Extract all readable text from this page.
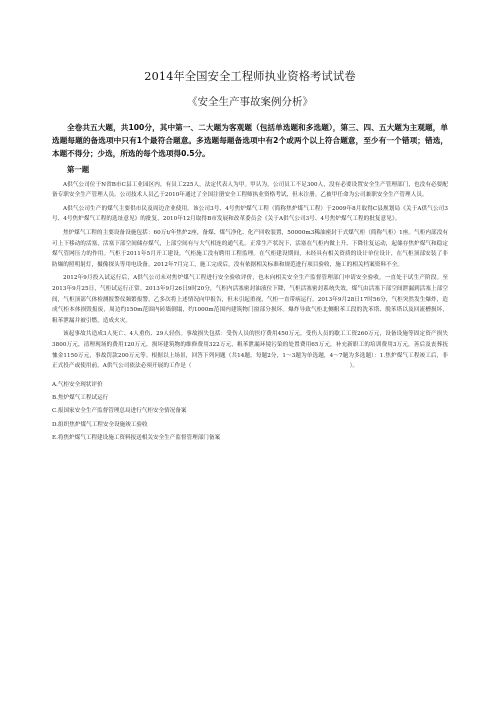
2014年全国安全工程师执业资格考试试卷
《安全生产事故案例分析》

全卷共五大题，共100分，其中第一、二大题为客观题（包括单选题和多选题），第三、四、五大题为主观题，单选题每题的备选项中只有1个最符合题意。多选题每题备选项中有2个或两个以上符合题意，至少有一个错项；错选，本题不得分；少选，所选的每个选项得0.5分。

第一题

A供气公司位于N省B市C县工业园区内，有员工225人，法定代表人为甲。甲认为，公司员工不足300人，没有必要设置安全生产管理部门，也没有必要配备专职安全生产管理人员。公司技术人员乙于2010年通过了全国注册安全工程师执业资格考试，但未注册。乙被甲任命为公司兼职安全生产管理人员。

A供气公司生产的煤气主要供市民及周边企业使用。该公司3号、4号焦炉煤气工程（简称焦炉煤气工程）于2009年8月取得C县规划局《关于A供气公司3号、4号焦炉煤气工程的选址意见》的批复，2010年12月取得B市发展和改革委员会《关于A供气公司3号、4号焦炉煤气工程的批复意见》。

焦炉煤气工程的主要设备设施包括：60万t/年焦炉2座，备煤、煤气净化、化产回收装置，50000m3稀油密封干式煤气柜（简称气柜）1座。气柜内部没有可上下移动的活塞，活塞下部空间储存煤气，上部空间有与大气相连的通气孔。正常生产状况下，活塞在气柜内做上升、下降往复运动，起储存焦炉煤气和稳定煤气管网压力的作用。气柜于2011年5月开工建设，气柜施工没有聘用工程监理。在气柜建设期间，未经具有相关资质的设计单位设计，在气柜顶部安装了非防爆的照明射灯，摄像探头等用电设备。2012年7月完工，施工完成后，没有依据相关标准和规范进行项目验收，施工的相关档案资料不全。

2012年9月投入试运行后，A供气公司未对焦炉煤气工程进行安全验收评价，也未向相关安全生产监督管理部门申请安全验收。一直处于试生产阶段。至2013年9月25日，气柜试运行正常。2013年9月26日9时20分，气柜内活塞密封油液位下降，气柜活塞密封系统失效，煤气由活塞下部空间泄漏到活塞上部空间，气柜顶部气体检测报警仪频繁报警。乙多次将上述情况向甲报告，但未引起重视，气柜一直带病运行。2013年9月28日17时56分，气柜突然发生爆炸，造成气柜本体损毁报废，周边约150m范围内砖墙倒塌，约1000m范围内建筑物门窗部分损坏。爆炸导致气柜北侧粗苯工段的洗苯塔、脱苯塔以及回流槽损坏，粗苯泄漏并被引燃，造成火灾。

该起事故共造成3人死亡、4人重伤、29人轻伤。事故损失包括：受伤人员的医疗费用450万元，受伤人员的歇工工资260万元，设备设施等固定资产损失3800万元，清理现场的费用120万元，损坏建筑物的维修费用322万元，粗苯泄漏环境污染的处置费用65万元，补充新职工的培训费用3万元，善后及丧葬抚恤金1150万元，事故罚款200万元等。根据以上场景，回答下列问题（共14题，每题2分，1～3题为单选题，4～7题为多选题）：1.焦炉煤气工程竣工后，非正式投产或使用前，A供气公司依法必须开展的工作是（　　　　　　　　　　　　　　　　　　　　　　　　　　　　）。

A.气柜安全现状评价

B.焦炉煤气工程试运行

C.报国家安全生产监督管理总局进行气柜安全情况备案

D.组织焦炉煤气工程安全设施竣工验收

E.将焦炉煤气工程建设施工资料报送相关安全生产监督管理部门备案
